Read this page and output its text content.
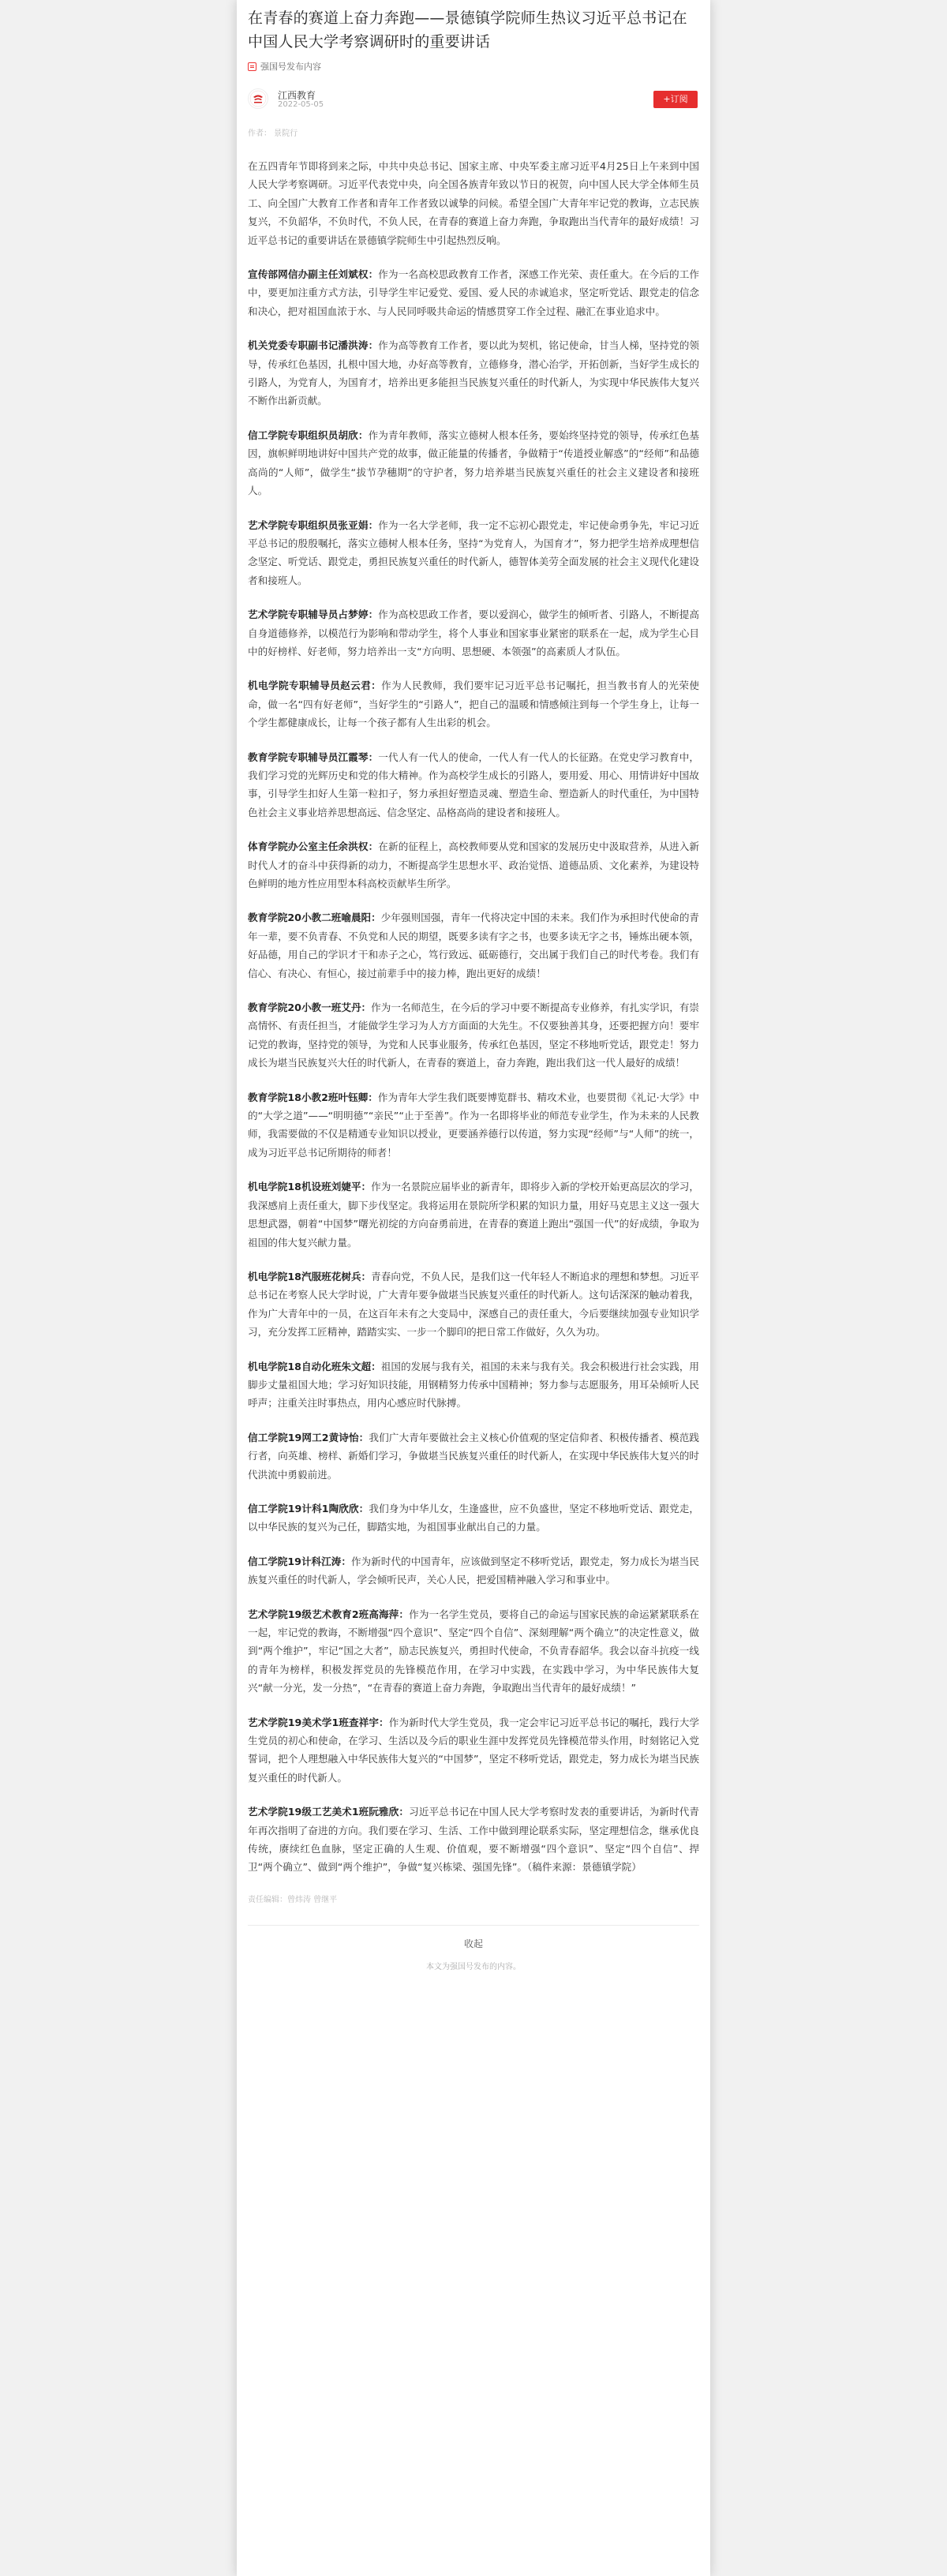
在青春的赛道上奋力奔跑——景德镇学院师生热议习近平总书记在中国人民大学考察调研时的重要讲话
强国号发布内容
江西教育
2022-05-05
+订阅
作者： 景院行

在五四青年节即将到来之际，中共中央总书记、国家主席、中央军委主席习近平4月25日上午来到中国人民大学考察调研。习近平代表党中央，向全国各族青年致以节日的祝贺，向中国人民大学全体师生员工、向全国广大教育工作者和青年工作者致以诚挚的问候。希望全国广大青年牢记党的教诲，立志民族复兴，不负韶华，不负时代，不负人民，在青春的赛道上奋力奔跑，争取跑出当代青年的最好成绩！习近平总书记的重要讲话在景德镇学院师生中引起热烈反响。

宣传部网信办副主任刘斌权：作为一名高校思政教育工作者，深感工作光荣、责任重大。在今后的工作中，要更加注重方式方法，引导学生牢记爱党、爱国、爱人民的赤诚追求，坚定听党话、跟党走的信念和决心，把对祖国血浓于水、与人民同呼吸共命运的情感贯穿工作全过程、融汇在事业追求中。

机关党委专职副书记潘洪涛：作为高等教育工作者，要以此为契机，铭记使命，甘当人梯，坚持党的领导，传承红色基因，扎根中国大地，办好高等教育，立德修身，潜心治学，开拓创新，当好学生成长的引路人，为党育人，为国育才，培养出更多能担当民族复兴重任的时代新人，为实现中华民族伟大复兴不断作出新贡献。

信工学院专职组织员胡欣：作为青年教师，落实立德树人根本任务，要始终坚持党的领导，传承红色基因，旗帜鲜明地讲好中国共产党的故事，做正能量的传播者，争做精于“传道授业解惑”的“经师”和品德高尚的“人师”，做学生“拔节孕穗期”的守护者，努力培养堪当民族复兴重任的社会主义建设者和接班人。

艺术学院专职组织员张亚娟：作为一名大学老师，我一定不忘初心跟党走，牢记使命勇争先，牢记习近平总书记的殷殷嘱托，落实立德树人根本任务，坚持“为党育人，为国育才”，努力把学生培养成理想信念坚定、听党话、跟党走，勇担民族复兴重任的时代新人，德智体美劳全面发展的社会主义现代化建设者和接班人。

艺术学院专职辅导员占梦婷：作为高校思政工作者，要以爱润心，做学生的倾听者、引路人，不断提高自身道德修养，以模范行为影响和带动学生，将个人事业和国家事业紧密的联系在一起，成为学生心目中的好榜样、好老师，努力培养出一支“方向明、思想硬、本领强”的高素质人才队伍。

机电学院专职辅导员赵云君：作为人民教师，我们要牢记习近平总书记嘱托，担当教书育人的光荣使命，做一名“四有好老师”，当好学生的“引路人”，把自己的温暖和情感倾注到每一个学生身上，让每一个学生都健康成长，让每一个孩子都有人生出彩的机会。

教育学院专职辅导员江霞琴：一代人有一代人的使命，一代人有一代人的长征路。在党史学习教育中，我们学习党的光辉历史和党的伟大精神。作为高校学生成长的引路人，要用爱、用心、用情讲好中国故事，引导学生扣好人生第一粒扣子，努力承担好塑造灵魂、塑造生命、塑造新人的时代重任，为中国特色社会主义事业培养思想高远、信念坚定、品格高尚的建设者和接班人。

体育学院办公室主任余洪权：在新的征程上，高校教师要从党和国家的发展历史中汲取营养，从进入新时代人才的奋斗中获得新的动力，不断提高学生思想水平、政治觉悟、道德品质、文化素养，为建设特色鲜明的地方性应用型本科高校贡献毕生所学。

教育学院20小教二班喻晨阳：少年强则国强，青年一代将决定中国的未来。我们作为承担时代使命的青年一辈，要不负青春、不负党和人民的期望，既要多读有字之书，也要多读无字之书，锤炼出硬本领，好品德，用自己的学识才干和赤子之心，笃行致远、砥砺德行，交出属于我们自己的时代考卷。我们有信心、有决心、有恒心，接过前辈手中的接力棒，跑出更好的成绩！

教育学院20小教一班艾丹：作为一名师范生，在今后的学习中要不断提高专业修养，有扎实学识，有崇高情怀、有责任担当，才能做学生学习为人方方面面的大先生。不仅要独善其身，还要把握方向！要牢记党的教诲，坚持党的领导，为党和人民事业服务，传承红色基因，坚定不移地听党话，跟党走！努力成长为堪当民族复兴大任的时代新人，在青春的赛道上，奋力奔跑，跑出我们这一代人最好的成绩！

教育学院18小教2班叶钰卿：作为青年大学生我们既要博览群书、精攻术业，也要贯彻《礼记·大学》中的“大学之道”——“明明德”“亲民”“止于至善”。作为一名即将毕业的师范专业学生，作为未来的人民教师，我需要做的不仅是精通专业知识以授业，更要涵养德行以传道，努力实现“经师”与“人师”的统一，成为习近平总书记所期待的师者！

机电学院18机设班刘婕平：作为一名景院应届毕业的新青年，即将步入新的学校开始更高层次的学习，我深感肩上责任重大，脚下步伐坚定。我将运用在景院所学积累的知识力量，用好马克思主义这一强大思想武器，朝着“中国梦”曙光初绽的方向奋勇前进，在青春的赛道上跑出“强国一代”的好成绩，争取为祖国的伟大复兴献力量。

机电学院18汽服班花树兵：青春向党，不负人民，是我们这一代年轻人不断追求的理想和梦想。习近平总书记在考察人民大学时说，广大青年要争做堪当民族复兴重任的时代新人。这句话深深的触动着我，作为广大青年中的一员，在这百年未有之大变局中，深感自己的责任重大，今后要继续加强专业知识学习，充分发挥工匠精神，踏踏实实、一步一个脚印的把日常工作做好，久久为功。

机电学院18自动化班朱文超：祖国的发展与我有关，祖国的未来与我有关。我会积极进行社会实践，用脚步丈量祖国大地；学习好知识技能，用钢精努力传承中国精神；努力参与志愿服务，用耳朵倾听人民呼声；注重关注时事热点，用内心感应时代脉搏。

信工学院19网工2黄诗怡：我们广大青年要做社会主义核心价值观的坚定信仰者、积极传播者、模范践行者，向英雄、榜样、新婚们学习，争做堪当民族复兴重任的时代新人，在实现中华民族伟大复兴的时代洪流中勇毅前进。

信工学院19计科1陶欣欣：我们身为中华儿女，生逢盛世，应不负盛世，坚定不移地听党话、跟党走，以中华民族的复兴为己任，脚踏实地，为祖国事业献出自己的力量。

信工学院19计科江涛：作为新时代的中国青年，应该做到坚定不移听党话，跟党走，努力成长为堪当民族复兴重任的时代新人，学会倾听民声，关心人民，把爱国精神融入学习和事业中。

艺术学院19级艺术教育2班高海萍：作为一名学生党员，要将自己的命运与国家民族的命运紧紧联系在一起，牢记党的教诲，不断增强“四个意识”、坚定“四个自信”、深刻理解“两个确立”的决定性意义，做到“两个维护”，牢记“国之大者”，励志民族复兴，勇担时代使命，不负青春韶华。我会以奋斗抗疫一线的青年为榜样，积极发挥党员的先锋模范作用，在学习中实践，在实践中学习，为中华民族伟大复兴“献一分光，发一分热”，“在青春的赛道上奋力奔跑，争取跑出当代青年的最好成绩！”

艺术学院19美术学1班查祥宇：作为新时代大学生党员，我一定会牢记习近平总书记的嘱托，践行大学生党员的初心和使命，在学习、生活以及今后的职业生涯中发挥党员先锋模范带头作用，时刻铭记入党誓词，把个人理想融入中华民族伟大复兴的“中国梦”，坚定不移听党话，跟党走，努力成长为堪当民族复兴重任的时代新人。

艺术学院19级工艺美术1班阮雅欣：习近平总书记在中国人民大学考察时发表的重要讲话，为新时代青年再次指明了奋进的方向。我们要在学习、生活、工作中做到理论联系实际，坚定理想信念，继承优良传统，赓续红色血脉，坚定正确的人生观、价值观，要不断增强“四个意识”、坚定“四个自信”、捍卫“两个确立”、做到“两个维护”，争做“复兴栋梁、强国先锋”。（稿件来源：景德镇学院）

责任编辑：曾炜涛 曾继平
收起
本文为强国号发布的内容。
